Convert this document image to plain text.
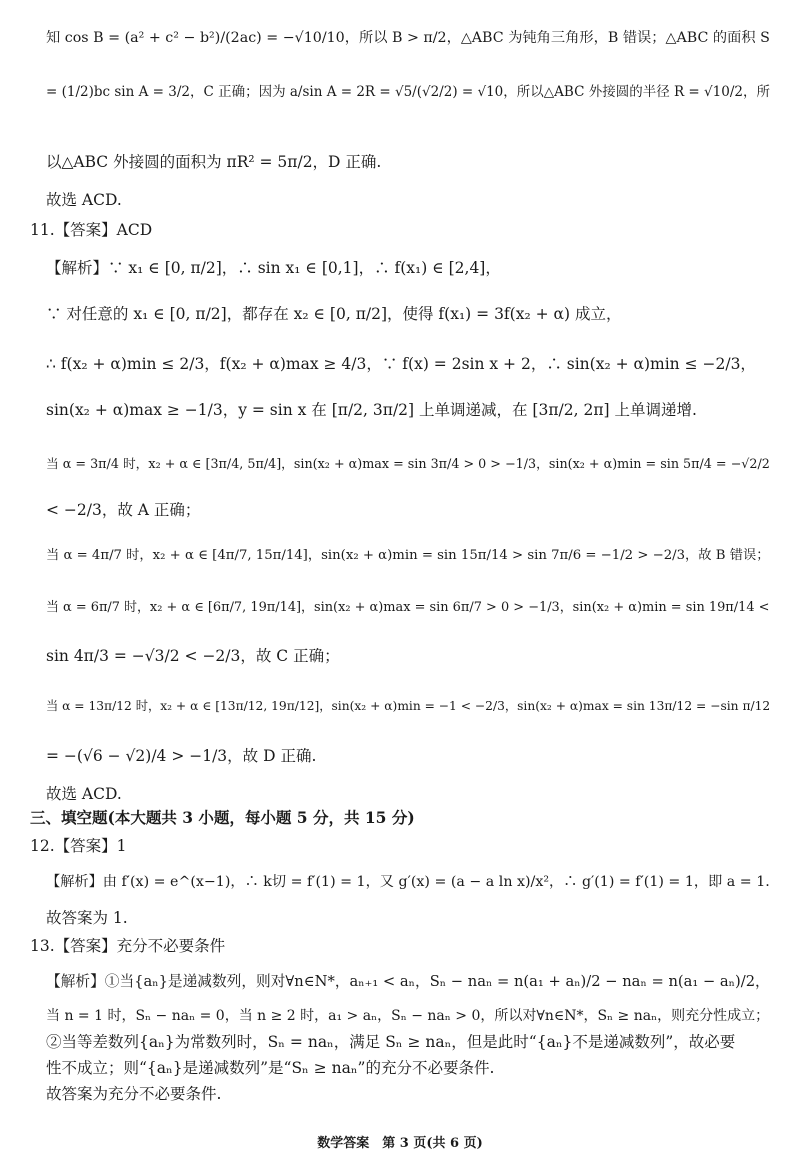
知 cos B = (a² + c² − b²)/(2ac) = −√10/10，所以 B > π/2，△ABC 为钝角三角形，B 错误；△ABC 的面积 S
= (1/2)bc sin A = 3/2，C 正确；因为 a/sin A = 2R = √5/(√2/2) = √10，所以△ABC 外接圆的半径 R = √10/2，所
以△ABC 外接圆的面积为 πR² = 5π/2，D 正确.
故选 ACD.
11.【答案】ACD
【解析】∵ x₁ ∈ [0, π/2]，∴ sin x₁ ∈ [0,1]，∴ f(x₁) ∈ [2,4]，
∵ 对任意的 x₁ ∈ [0, π/2]，都存在 x₂ ∈ [0, π/2]，使得 f(x₁) = 3f(x₂ + α) 成立，
∴ f(x₂ + α)min ≤ 2/3，f(x₂ + α)max ≥ 4/3，∵ f(x) = 2sin x + 2，∴ sin(x₂ + α)min ≤ −2/3，
sin(x₂ + α)max ≥ −1/3，y = sin x 在 [π/2, 3π/2] 上单调递减，在 [3π/2, 2π] 上单调递增.
当 α = 3π/4 时，x₂ + α ∈ [3π/4, 5π/4]，sin(x₂ + α)max = sin 3π/4 > 0 > −1/3，sin(x₂ + α)min = sin 5π/4 = −√2/2
< −2/3，故 A 正确；
当 α = 4π/7 时，x₂ + α ∈ [4π/7, 15π/14]，sin(x₂ + α)min = sin 15π/14 > sin 7π/6 = −1/2 > −2/3，故 B 错误；
当 α = 6π/7 时，x₂ + α ∈ [6π/7, 19π/14]，sin(x₂ + α)max = sin 6π/7 > 0 > −1/3，sin(x₂ + α)min = sin 19π/14 <
sin 4π/3 = −√3/2 < −2/3，故 C 正确；
当 α = 13π/12 时，x₂ + α ∈ [13π/12, 19π/12]，sin(x₂ + α)min = −1 < −2/3，sin(x₂ + α)max = sin 13π/12 = −sin π/12
= −(√6 − √2)/4 > −1/3，故 D 正确.
故选 ACD.
三、填空题(本大题共 3 小题，每小题 5 分，共 15 分)
12.【答案】1
【解析】由 f′(x) = e^(x−1)，∴ k切 = f′(1) = 1，又 g′(x) = (a − a ln x)/x²，∴ g′(1) = f′(1) = 1，即 a = 1.
故答案为 1.
13.【答案】充分不必要条件
【解析】①当{aₙ}是递减数列，则对∀n∈N*，aₙ₊₁ < aₙ，Sₙ − naₙ = n(a₁ + aₙ)/2 − naₙ = n(a₁ − aₙ)/2，
当 n = 1 时，Sₙ − naₙ = 0，当 n ≥ 2 时，a₁ > aₙ，Sₙ − naₙ > 0，所以对∀n∈N*，Sₙ ≥ naₙ，则充分性成立；
②当等差数列{aₙ}为常数列时，Sₙ = naₙ，满足 Sₙ ≥ naₙ，但是此时“{aₙ}不是递减数列”，故必要
性不成立；则“{aₙ}是递减数列”是“Sₙ ≥ naₙ”的充分不必要条件.
故答案为充分不必要条件.
数学答案　第 3 页(共 6 页)
